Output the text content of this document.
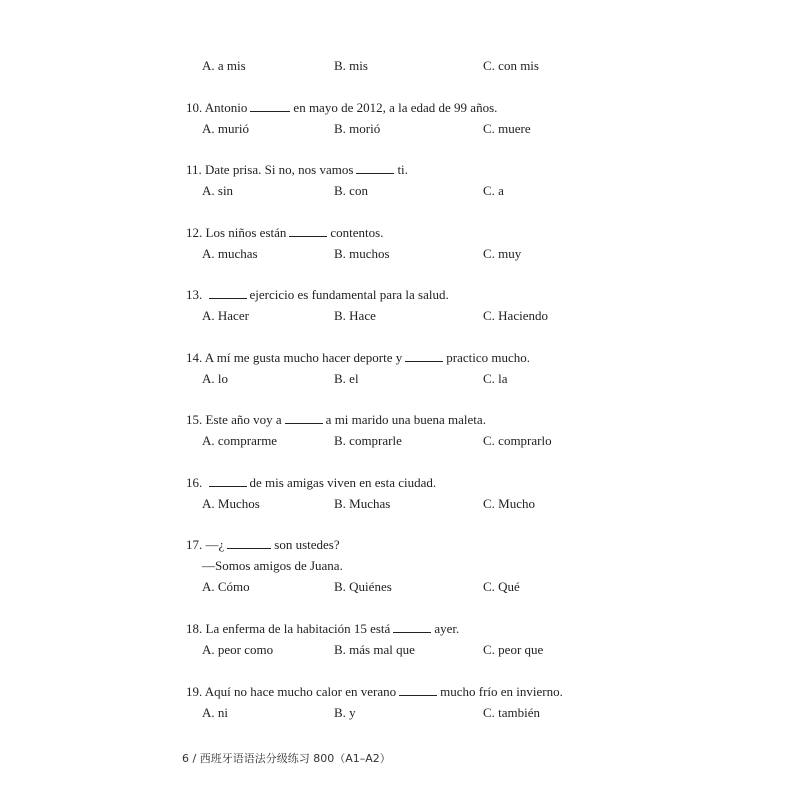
A. a mis	B. mis	C. con mis
10. Antonio	en mayo de 2012, a la edad de 99 años.
A. murió	B. morió	C. muere
11. Date prisa. Si no, nos vamos	ti.
A. sin	B. con	C. a
12. Los niños están	contentos.
A. muchas	B. muchos	C. muy
13.	ejercicio es fundamental para la salud.
A. Hacer	B. Hace	C. Haciendo
14. A mí me gusta mucho hacer deporte y	practico mucho.
A. lo	B. el	C. la
15. Este año voy a	a mi marido una buena maleta.
A. comprarme	B. comprarle	C. comprarlo
16.	de mis amigas viven en esta ciudad.
A. Muchos	B. Muchas	C. Mucho
17. —¿	son ustedes?
—Somos amigos de Juana.
A. Cómo	B. Quiénes	C. Qué
18. La enferma de la habitación 15 está	ayer.
A. peor como	B. más mal que	C. peor que
19. Aquí no hace mucho calor en verano	mucho frío en invierno.
A. ni	B. y	C. también
6 / 西班牙语语法分级练习 800（A1–A2）
